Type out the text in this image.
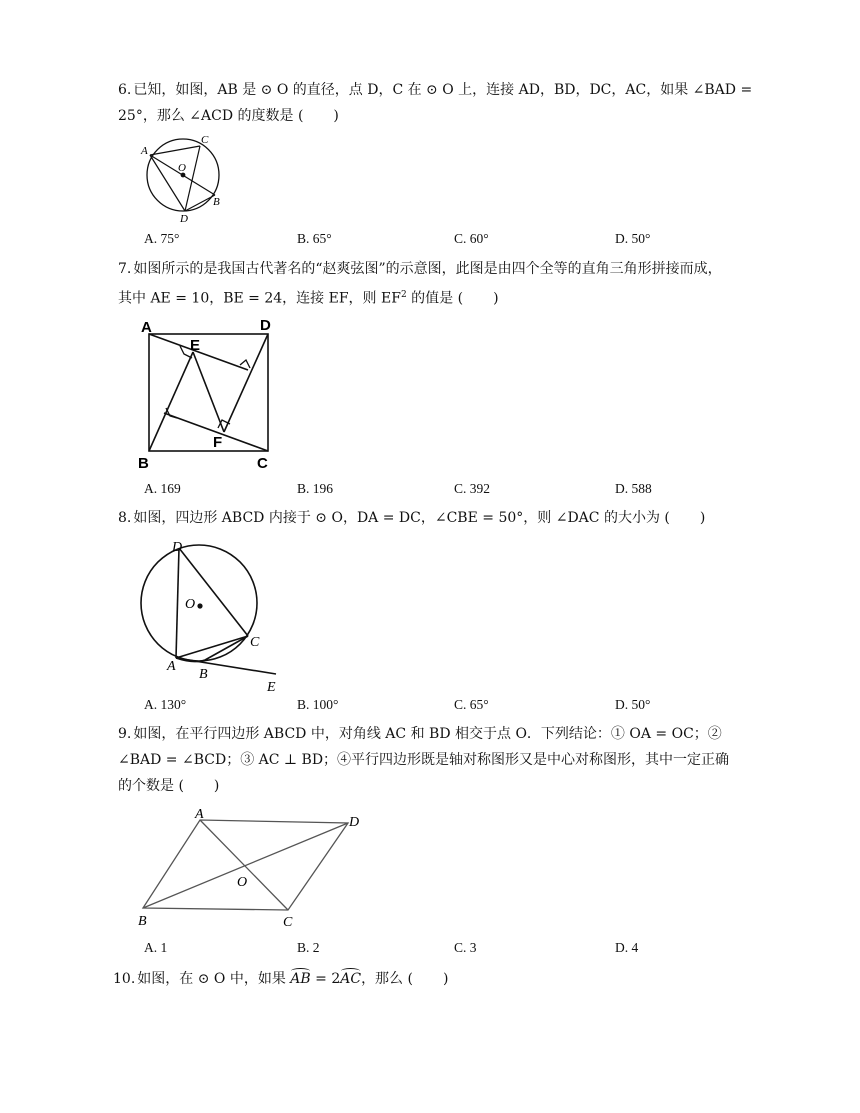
6. 已知，如图，AB 是 ⊙ O 的直径，点 D，C 在 ⊙ O 上，连接 AD，BD，DC，AC，如果 ∠BAD =
25°，那么 ∠ACD 的度数是 ( )
A
C
O
D
B
A. 75°	B. 65°	C. 60°	D. 50°
7. 如图所示的是我国古代著名的“赵爽弦图”的示意图，此图是由四个全等的直角三角形拼接而成，
其中 AE = 10，BE = 24，连接 EF，则 $EF^2$ 的值是 ( )
A	D
E
F
B	C
A. 169	B. 196	C. 392	D. 588
8. 如图，四边形 ABCD 内接于 ⊙ O，DA = DC，∠CBE = 50°，则 ∠DAC 的大小为 ( )
D
O
C
A
B
E
A. 130°	B. 100°	C. 65°	D. 50°
9. 如图，在平行四边形 ABCD 中，对角线 AC 和 BD 相交于点 O．下列结论：① OA = OC；②
∠BAD = ∠BCD；③ AC ⊥ BD；④平行四边形既是轴对称图形又是中心对称图形，其中一定正确
的个数是 ( )
A
D
O
B	C
A. 1	B. 2	C. 3	D. 4
10. 如图，在 ⊙ O 中，如果
AB = 2
AC，那么 ( )
